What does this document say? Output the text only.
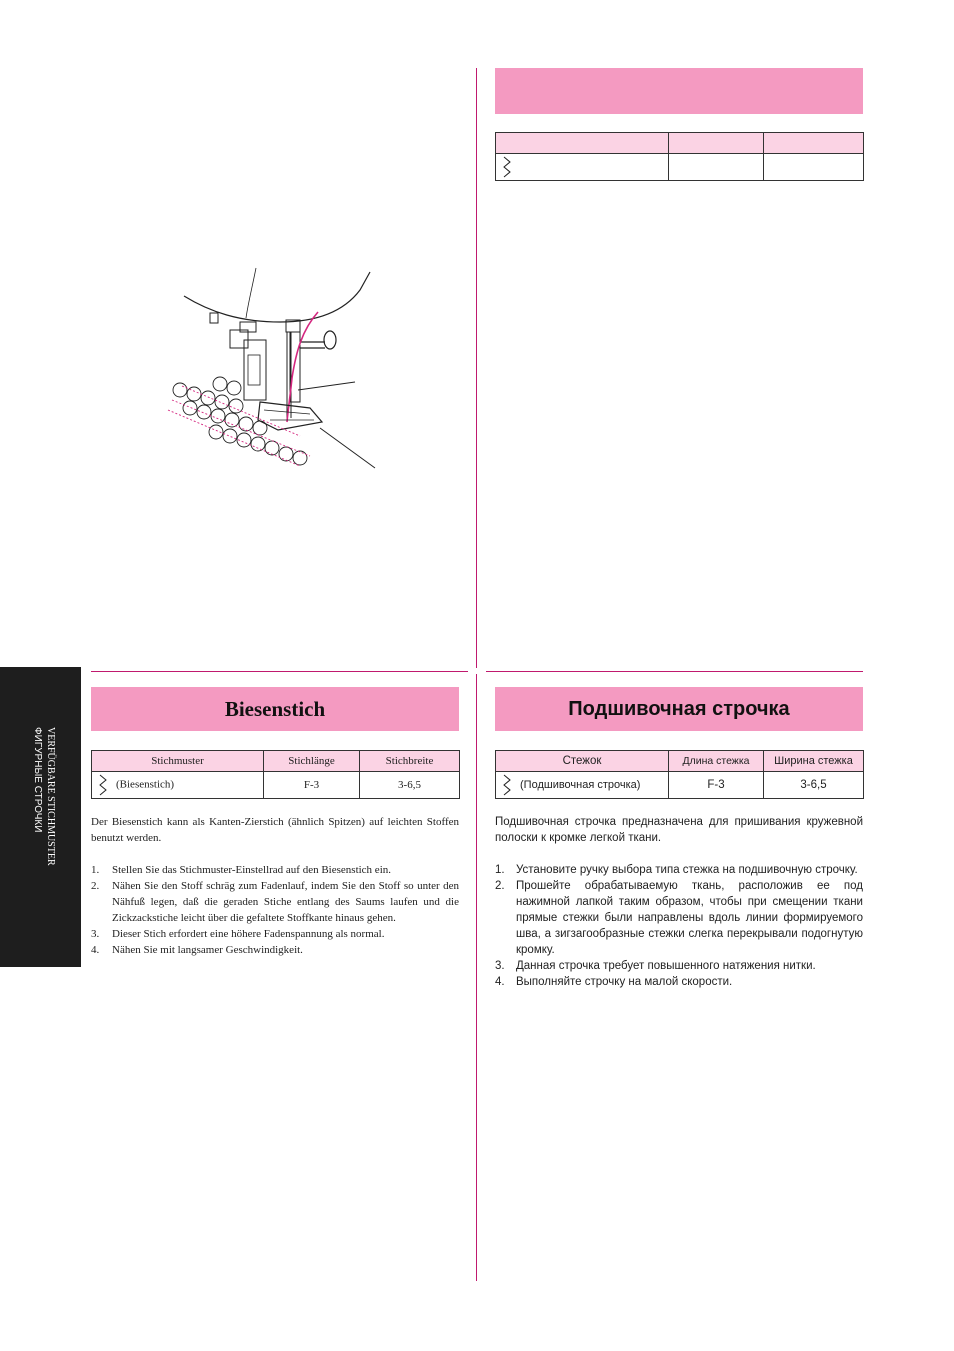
Biesenstich
Stichmuster	Stichlänge	Stichbreite
(Biesenstich)	F-3	3-6,5
Der Biesenstich kann als Kanten-Zierstich (ähnlich Spitzen) auf leichten Stoffen benutzt werden.
1. Stellen Sie das Stichmuster-Einstellrad auf den Biesenstich ein.
2. Nähen Sie den Stoff schräg zum Fadenlauf, indem Sie den Stoff so unter den Nähfuß legen, daß die geraden Stiche entlang des Saums laufen und die Zickzackstiche leicht über die gefaltete Stoffkante hinaus gehen.
3. Dieser Stich erfordert eine höhere Fadenspannung als normal.
4. Nähen Sie mit langsamer Geschwindigkeit.
Подшивочная строчка
Стежок	Длина стежка	Ширина стежка
(Подшивочная строчка)	F-3	3-6,5
Подшивочная строчка предназначена для пришивания кружевной полоски к кромке легкой ткани.
1. Установите ручку выбора типа стежка на подшивочную строчку.
2. Прошейте обрабатываемую ткань, расположив ее под нажимной лапкой таким образом, чтобы при смещении ткани прямые стежки были направлены вдоль линии формируемого шва, а зигзагообразные стежки слегка перекрывали подогнутую кромку.
3. Данная строчка требует повышенного натяжения нитки.
4. Выполняйте строчку на малой скорости.
VERFÜGBARE STICHMUSTER
ФИГУРНЫЕ СТРОЧКИ
